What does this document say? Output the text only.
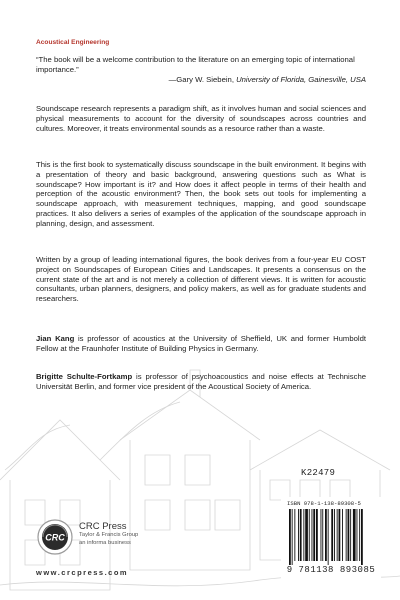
Acoustical Engineering

“The book will be a welcome contribution to the literature on an emerging topic of international importance.”

—Gary W. Siebein, University of Florida, Gainesville, USA

Soundscape research represents a paradigm shift, as it involves human and social sciences and physical measurements to account for the diversity of soundscapes across countries and cultures. Moreover, it treats environmental sounds as a resource rather than a waste.

This is the first book to systematically discuss soundscape in the built environment. It begins with a presentation of theory and basic background, answering questions such as What is soundscape? How important is it? and How does it affect people in terms of their health and perception of the acoustic environment? Then, the book sets out tools for implementing a soundscape approach, with measurement techniques, mapping, and good soundscape practices. It also delivers a series of examples of the application of the soundscape approach in planning, design, and assessment.

Written by a group of leading international figures, the book derives from a four-year EU COST project on Soundscapes of European Cities and Landscapes. It presents a consensus on the current state of the art and is not merely a collection of different views. It is written for acoustic consultants, urban planners, designers, and policy makers, as well as for graduate students and researchers.

Jian Kang is professor of acoustics at the University of Sheffield, UK and former Humboldt Fellow at the Fraunhofer Institute of Building Physics in Germany.

Brigitte Schulte-Fortkamp is professor of psychoacoustics and noise effects at Technische Universität Berlin, and former vice president of the Acoustical Society of America.

K22479
ISBN 978-1-138-89308-5
9 781138 893085
CRC
CRC Press
Taylor & Francis Group
an informa business
www.crcpress.com
